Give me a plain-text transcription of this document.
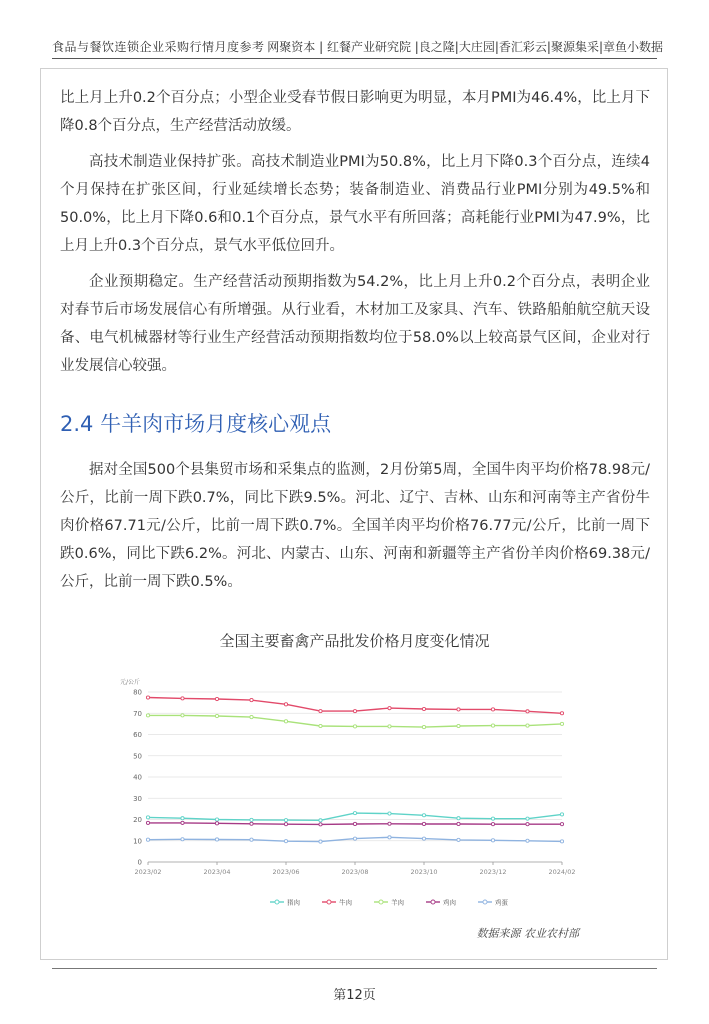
食品与餐饮连锁企业采购行情月度参考 网聚资本 | 红餐产业研究院 |良之隆|大庄园|香汇彩云|聚源集采|章鱼小数据

比上月上升0.2个百分点；小型企业受春节假日影响更为明显，本月PMI为46.4%，比上月下降0.8个百分点，生产经营活动放缓。

高技术制造业保持扩张。高技术制造业PMI为50.8%，比上月下降0.3个百分点，连续4个月保持在扩张区间，行业延续增长态势；装备制造业、消费品行业PMI分别为49.5%和50.0%，比上月下降0.6和0.1个百分点，景气水平有所回落；高耗能行业PMI为47.9%，比上月上升0.3个百分点，景气水平低位回升。

企业预期稳定。生产经营活动预期指数为54.2%，比上月上升0.2个百分点，表明企业对春节后市场发展信心有所增强。从行业看，木材加工及家具、汽车、铁路船舶航空航天设备、电气机械器材等行业生产经营活动预期指数均位于58.0%以上较高景气区间，企业对行业发展信心较强。

2.4 牛羊肉市场月度核心观点

据对全国500个县集贸市场和采集点的监测，2月份第5周，全国牛肉平均价格78.98元/公斤，比前一周下跌0.7%，同比下跌9.5%。河北、辽宁、吉林、山东和河南等主产省份牛肉价格67.71元/公斤，比前一周下跌0.7%。全国羊肉平均价格76.77元/公斤，比前一周下跌0.6%，同比下跌6.2%。河北、内蒙古、山东、河南和新疆等主产省份羊肉价格69.38元/公斤，比前一周下跌0.5%。

全国主要畜禽产品批发价格月度变化情况
元/公斤
0
10
20
30
40
50
60
70
80
2023/02	2023/04	2023/06	2023/08	2023/10	2023/12	2024/02
猪肉	牛肉	羊肉	鸡肉	鸡蛋
数据来源 农业农村部
第12页
